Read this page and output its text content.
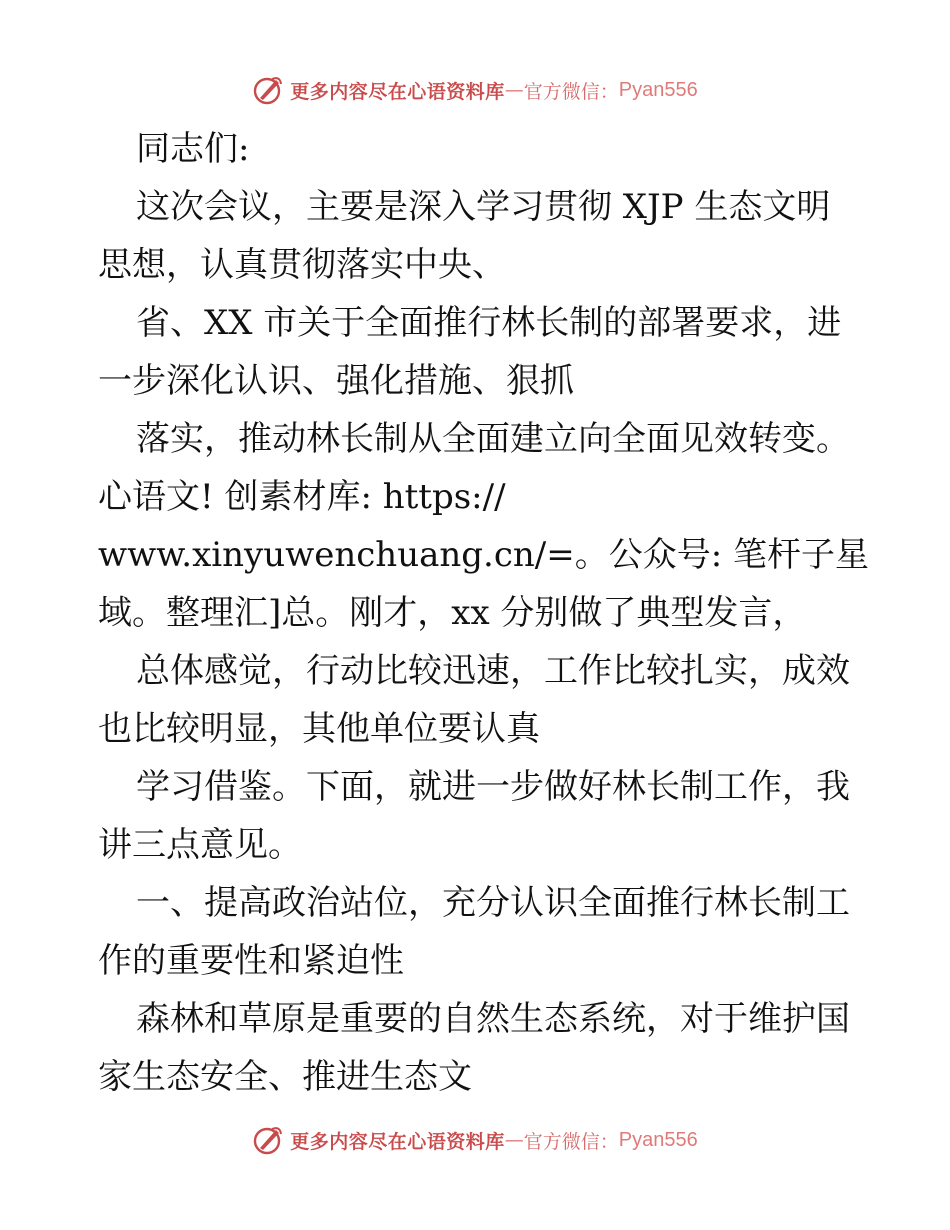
更多内容尽在心语资料库 — 官方微信： Pyan556
同志们:
这次会议，主要是深入学习贯彻 XJP 生态文明
思想，认真贯彻落实中央、
省、XX 市关于全面推行林长制的部署要求，进
一步深化认识、强化措施、狠抓
落实，推动林长制从全面建立向全面见效转变。
心语文! 创素材库: https://
www.xinyuwenchuang.cn/=。公众号: 笔杆子星
域。整理汇]总。刚才，xx 分别做了典型发言，
总体感觉，行动比较迅速，工作比较扎实，成效
也比较明显，其他单位要认真
学习借鉴。下面，就进一步做好林长制工作，我
讲三点意见。
一、提高政治站位，充分认识全面推行林长制工
作的重要性和紧迫性
森林和草原是重要的自然生态系统，对于维护国
家生态安全、推进生态文
更多内容尽在心语资料库 — 官方微信： Pyan556
